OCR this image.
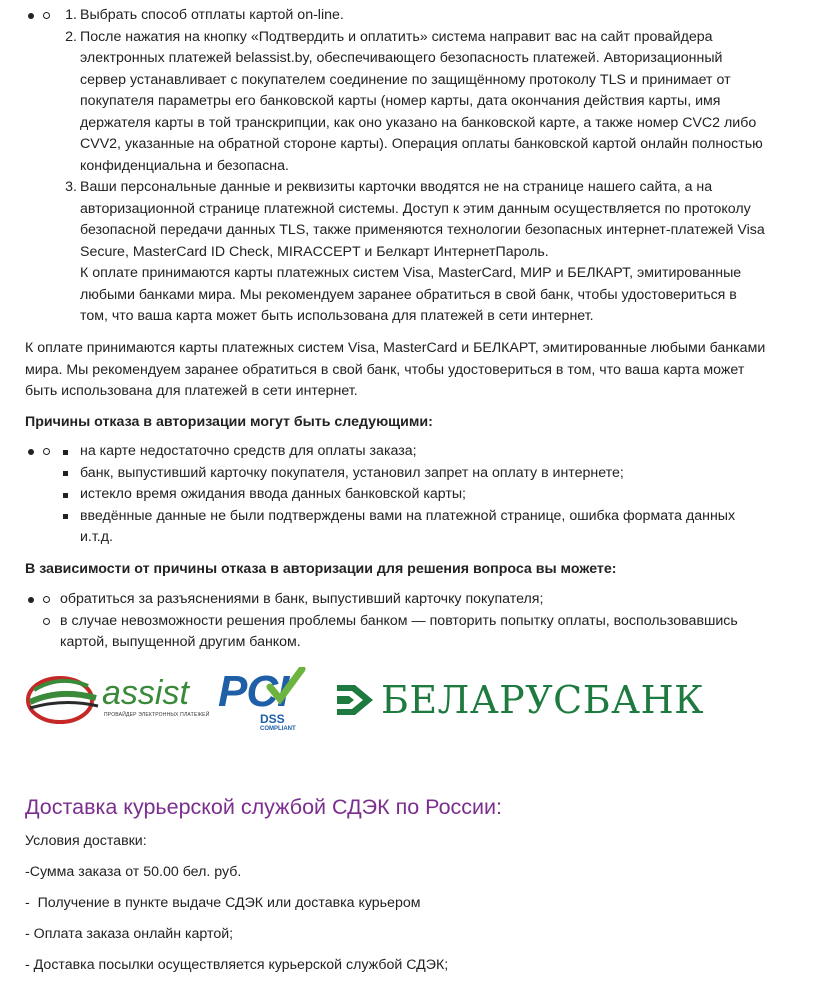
1. Выбрать способ отплаты картой on-line.

2. После нажатия на кнопку «Подтвердить и оплатить» система направит вас на сайт провайдера

электронных платежей belassist.by, обеспечивающего безопасность платежей. Авторизационный

сервер устанавливает с покупателем соединение по защищённому протоколу TLS и принимает от

покупателя параметры его банковской карты (номер карты, дата окончания действия карты, имя

держателя карты в той транскрипции, как оно указано на банковской карте, а также номер CVC2 либо

CVV2, указанные на обратной стороне карты). Операция оплаты банковской картой онлайн полностью

конфиденциальна и безопасна.

3. Ваши персональные данные и реквизиты карточки вводятся не на странице нашего сайта, а на

авторизационной странице платежной системы. Доступ к этим данным осуществляется по протоколу

безопасной передачи данных TLS, также применяются технологии безопасных интернет-платежей Visa

Secure, MasterCard ID Check, MIRACCEPT и Белкарт ИнтернетПароль.

К оплате принимаются карты платежных систем Visa, MasterCard, МИР и БЕЛКАРТ, эмитированные

любыми банками мира. Мы рекомендуем заранее обратиться в свой банк, чтобы удостовериться в

том, что ваша карта может быть использована для платежей в сети интернет.

К оплате принимаются карты платежных систем Visa, MasterCard и БЕЛКАРТ, эмитированные любыми банками

мира. Мы рекомендуем заранее обратиться в свой банк, чтобы удостовериться в том, что ваша карта может

быть использована для платежей в сети интернет.

Причины отказа в авторизации могут быть следующими:

на карте недостаточно средств для оплаты заказа;

банк, выпустивший карточку покупателя, установил запрет на оплату в интернете;

истекло время ожидания ввода данных банковской карты;

введённые данные не были подтверждены вами на платежной странице, ошибка формата данных

и.т.д.

В зависимости от причины отказа в авторизации для решения вопроса вы можете:

обратиться за разъяснениями в банк, выпустивший карточку покупателя;

в случае невозможности решения проблемы банком — повторить попытку оплаты, воспользовавшись

картой, выпущенной другим банком.

assist
ПРОВАЙДЕР ЭЛЕКТРОННЫХ ПЛАТЕЖЕЙ PCI
DSS
COMPLIANT
БЕЛАРУСБАНК
Доставка курьерской службой СДЭК по России:

Условия доставки:

-Сумма заказа от 50.00 бел. руб.

-  Получение в пункте выдаче СДЭК или доставка курьером

- Оплата заказа онлайн картой;

- Доставка посылки осуществляется курьерской службой СДЭК;
